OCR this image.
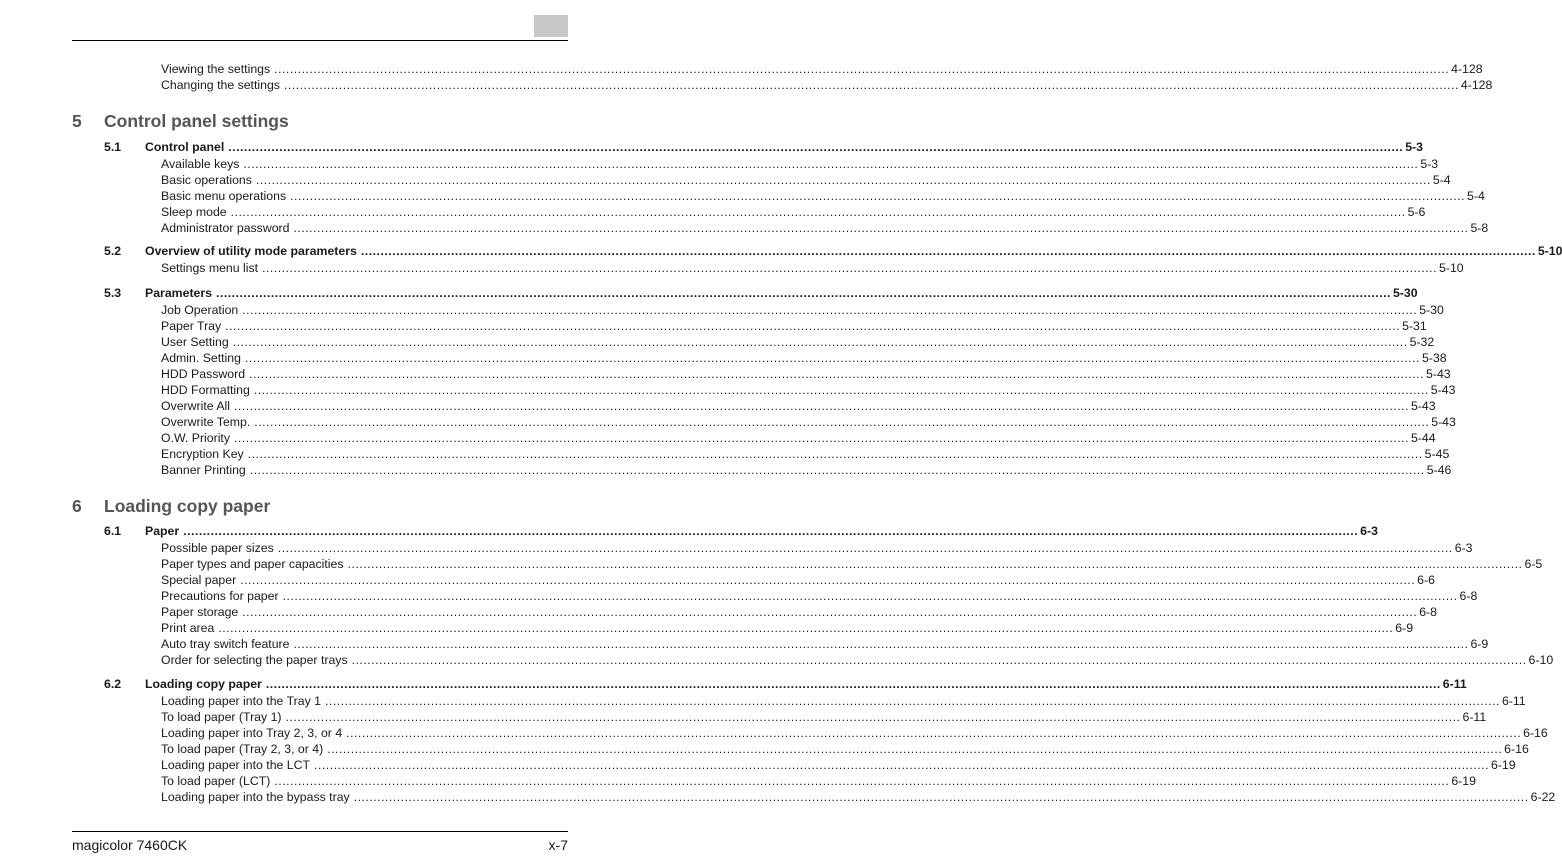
Viewing the settings ............................................................................................................................................................................................................................................................................................................ 4-128
Changing the settings ............................................................................................................................................................................................................................................................................................................ 4-128
5 Control panel settings
5.1 Control panel ............................................................................................................................................................................................................................................................................................................ 5-3
Available keys ............................................................................................................................................................................................................................................................................................................ 5-3
Basic operations ............................................................................................................................................................................................................................................................................................................ 5-4
Basic menu operations ............................................................................................................................................................................................................................................................................................................ 5-4
Sleep mode ............................................................................................................................................................................................................................................................................................................ 5-6
Administrator password ............................................................................................................................................................................................................................................................................................................ 5-8
5.2 Overview of utility mode parameters ............................................................................................................................................................................................................................................................................................................ 5-10
Settings menu list ............................................................................................................................................................................................................................................................................................................ 5-10
5.3 Parameters ............................................................................................................................................................................................................................................................................................................ 5-30
Job Operation ............................................................................................................................................................................................................................................................................................................ 5-30
Paper Tray ............................................................................................................................................................................................................................................................................................................ 5-31
User Setting ............................................................................................................................................................................................................................................................................................................ 5-32
Admin. Setting ............................................................................................................................................................................................................................................................................................................ 5-38
HDD Password ............................................................................................................................................................................................................................................................................................................ 5-43
HDD Formatting ............................................................................................................................................................................................................................................................................................................ 5-43
Overwrite All ............................................................................................................................................................................................................................................................................................................ 5-43
Overwrite Temp. ............................................................................................................................................................................................................................................................................................................ 5-43
O.W. Priority ............................................................................................................................................................................................................................................................................................................ 5-44
Encryption Key ............................................................................................................................................................................................................................................................................................................ 5-45
Banner Printing ............................................................................................................................................................................................................................................................................................................ 5-46
6 Loading copy paper
6.1 Paper ............................................................................................................................................................................................................................................................................................................ 6-3
Possible paper sizes ............................................................................................................................................................................................................................................................................................................ 6-3
Paper types and paper capacities ............................................................................................................................................................................................................................................................................................................ 6-5
Special paper ............................................................................................................................................................................................................................................................................................................ 6-6
Precautions for paper ............................................................................................................................................................................................................................................................................................................ 6-8
Paper storage ............................................................................................................................................................................................................................................................................................................ 6-8
Print area ............................................................................................................................................................................................................................................................................................................ 6-9
Auto tray switch feature ............................................................................................................................................................................................................................................................................................................ 6-9
Order for selecting the paper trays ............................................................................................................................................................................................................................................................................................................ 6-10
6.2 Loading copy paper ............................................................................................................................................................................................................................................................................................................ 6-11
Loading paper into the Tray 1 ............................................................................................................................................................................................................................................................................................................ 6-11
To load paper (Tray 1) ............................................................................................................................................................................................................................................................................................................ 6-11
Loading paper into Tray 2, 3, or 4 ............................................................................................................................................................................................................................................................................................................ 6-16
To load paper (Tray 2, 3, or 4) ............................................................................................................................................................................................................................................................................................................ 6-16
Loading paper into the LCT ............................................................................................................................................................................................................................................................................................................ 6-19
To load paper (LCT) ............................................................................................................................................................................................................................................................................................................ 6-19
Loading paper into the bypass tray ............................................................................................................................................................................................................................................................................................................ 6-22
magicolor 7460CK	x-7
